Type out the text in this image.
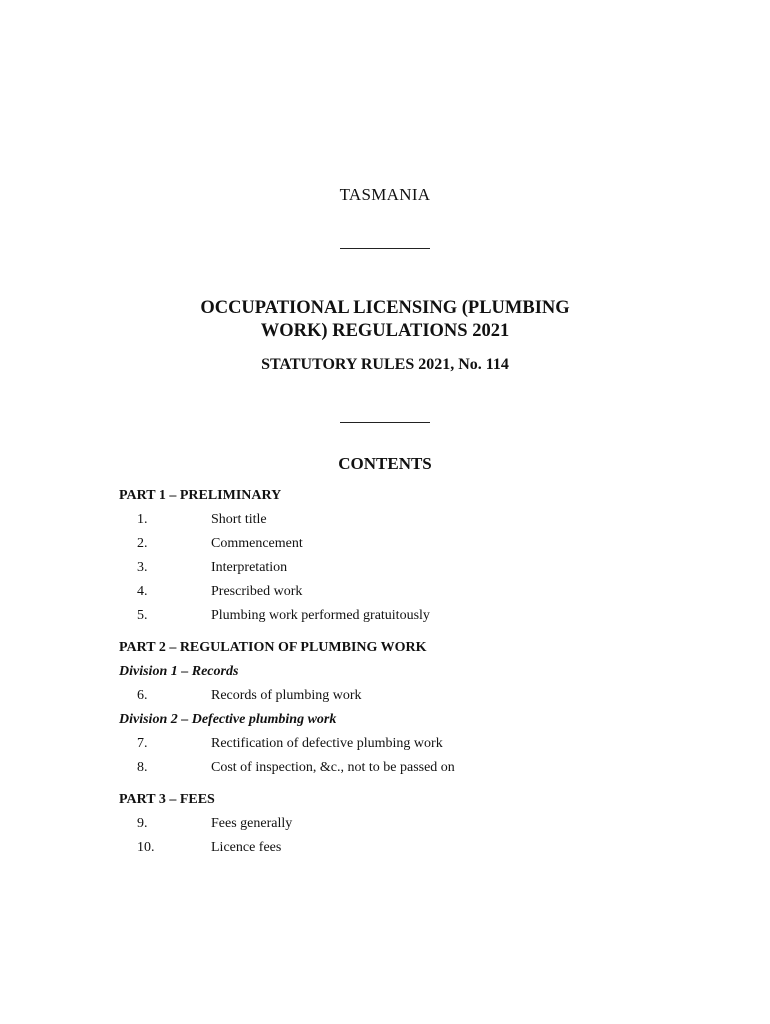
TASMANIA
OCCUPATIONAL LICENSING (PLUMBING
WORK) REGULATIONS 2021
STATUTORY RULES 2021, No. 114
CONTENTS
PART 1 – PRELIMINARY
1.	Short title
2.	Commencement
3.	Interpretation
4.	Prescribed work
5.	Plumbing work performed gratuitously
PART 2 – REGULATION OF PLUMBING WORK
Division 1 – Records
6.	Records of plumbing work
Division 2 – Defective plumbing work
7.	Rectification of defective plumbing work
8.	Cost of inspection, &c., not to be passed on
PART 3 – FEES
9.	Fees generally
10.	Licence fees
